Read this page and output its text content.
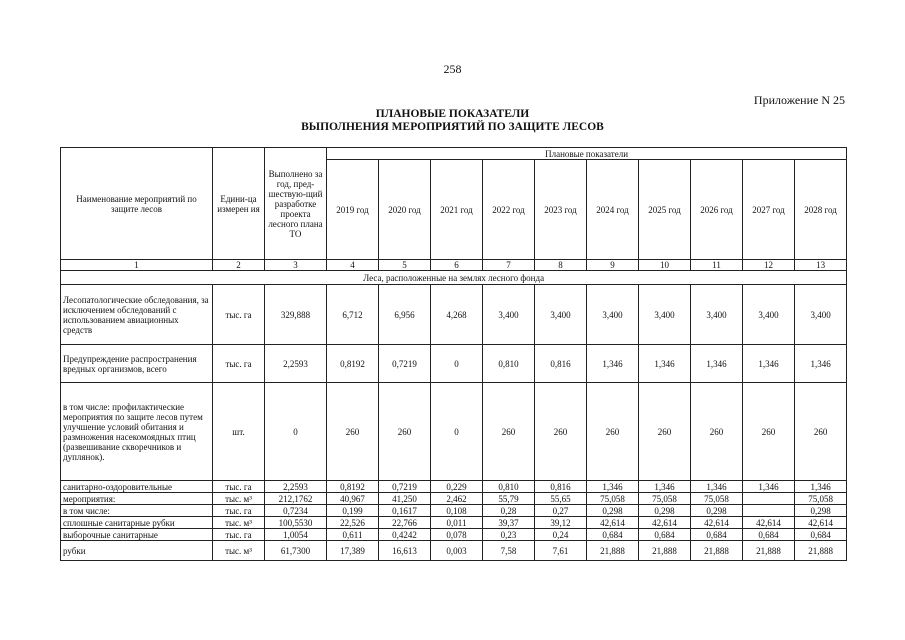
258
Приложение N 25
ПЛАНОВЫЕ ПОКАЗАТЕЛИ
ВЫПОЛНЕНИЯ МЕРОПРИЯТИЙ ПО ЗАЩИТЕ ЛЕСОВ
Наименование мероприятий по защите лесов	Едини-ца измерен ия	Выполнено за год, пред-шествую-щий разработке проекта лесного плана ТО	Плановые показатели									
			2019 год	2020 год	2021 год	2022 год	2023 год	2024 год	2025 год	2026 год	2027 год	2028 год
1	2	3	4	5	6	7	8	9	10	11	12	13
Леса, расположенные на землях лесного фонда												
Лесопатологические обследования, за исключением обследований с использованием авиационных средств	тыс. га	329,888	6,712	6,956	4,268	3,400	3,400	3,400	3,400	3,400	3,400	3,400
Предупреждение распространения вредных организмов, всего	тыс. га	2,2593	0,8192	0,7219	0	0,810	0,816	1,346	1,346	1,346	1,346	1,346
в том числе: профилактические мероприятия по защите лесов путем улучшение условий обитания и размножения насекомоядных птиц (развешивание скворечников и дуплянок).	шт.	0	260	260	0	260	260	260	260	260	260	260
санитарно-оздоровительные	тыс. га	2,2593	0,8192	0,7219	0,229	0,810	0,816	1,346	1,346	1,346	1,346	1,346
мероприятия:	тыс. м³	212,1762	40,967	41,250	2,462	55,79	55,65	75,058	75,058	75,058		75,058
в том числе:	тыс. га	0,7234	0,199	0,1617	0,108	0,28	0,27	0,298	0,298	0,298		0,298
сплошные санитарные рубки	тыс. м³	100,5530	22,526	22,766	0,011	39,37	39,12	42,614	42,614	42,614	42,614	42,614
выборочные санитарные	тыс. га	1,0054	0,611	0,4242	0,078	0,23	0,24	0,684	0,684	0,684	0,684	0,684
рубки	тыс. м³	61,7300	17,389	16,613	0,003	7,58	7,61	21,888	21,888	21,888	21,888	21,888
